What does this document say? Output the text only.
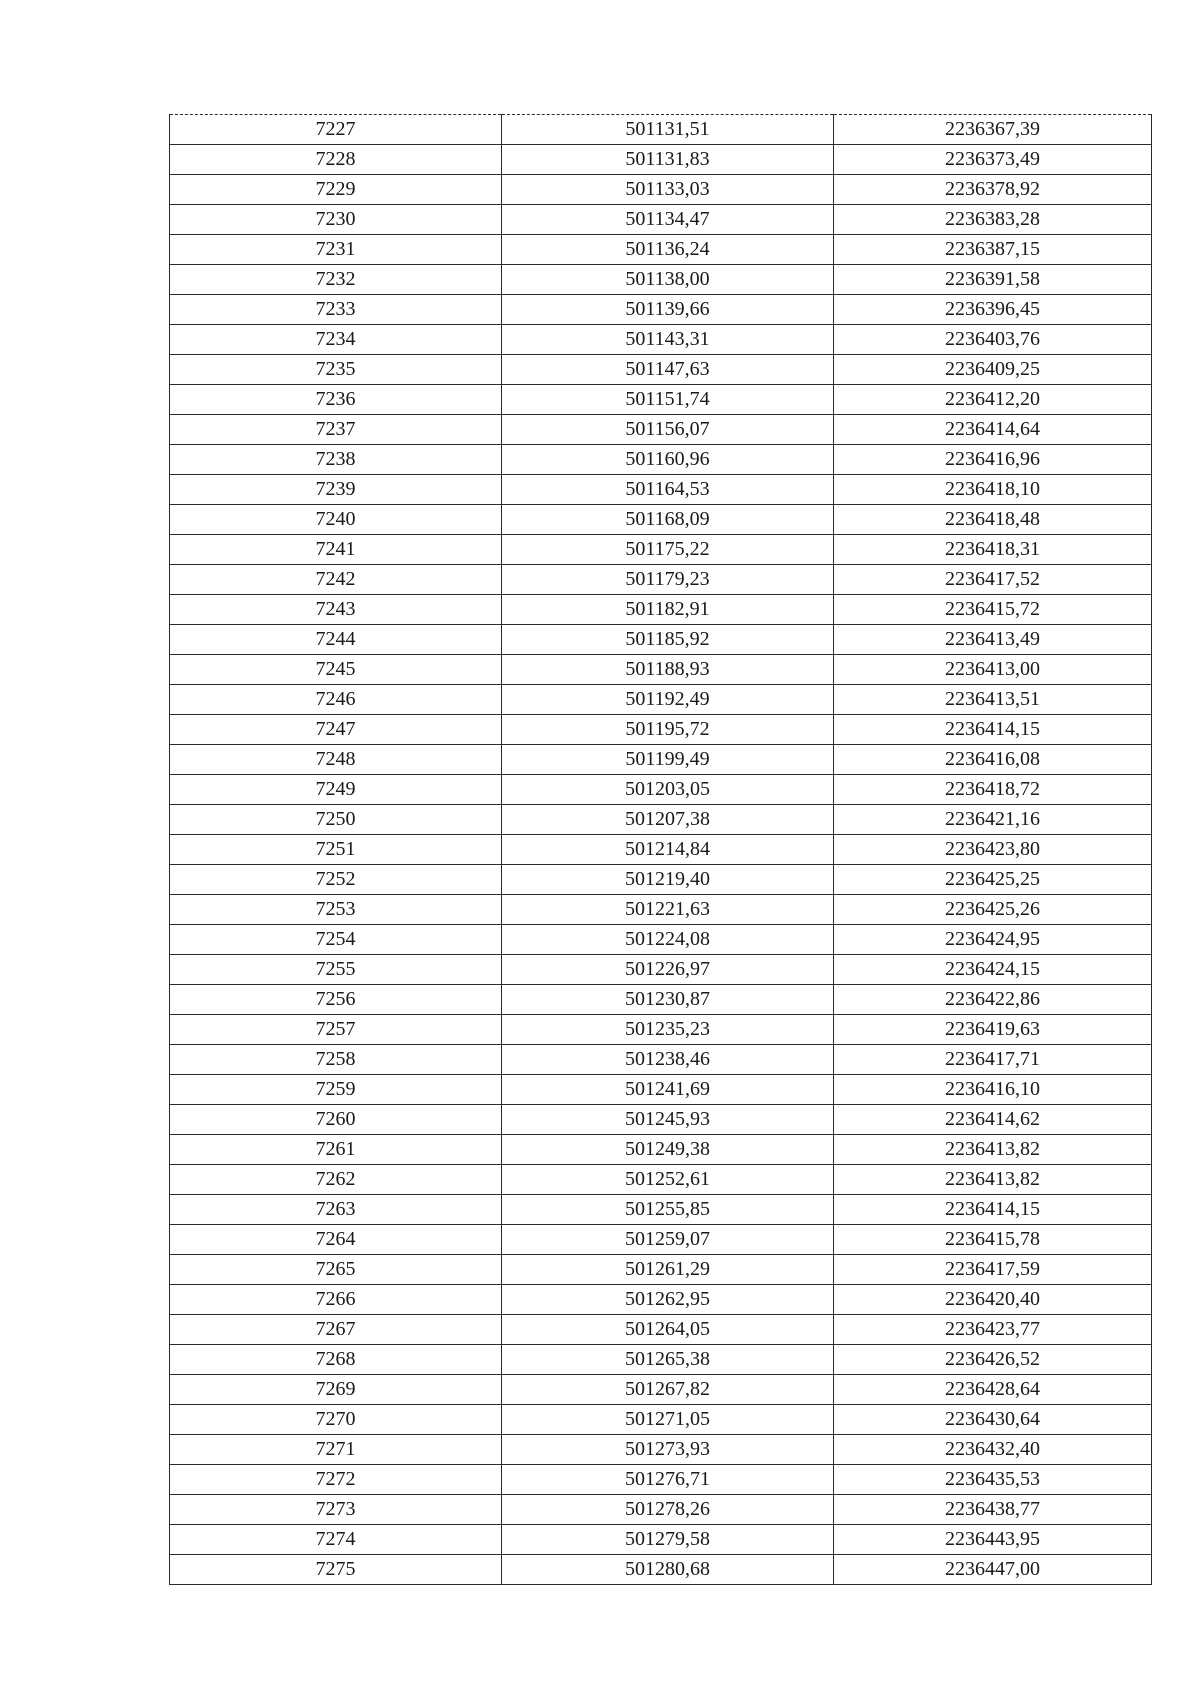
7227	501131,51	2236367,39
7228	501131,83	2236373,49
7229	501133,03	2236378,92
7230	501134,47	2236383,28
7231	501136,24	2236387,15
7232	501138,00	2236391,58
7233	501139,66	2236396,45
7234	501143,31	2236403,76
7235	501147,63	2236409,25
7236	501151,74	2236412,20
7237	501156,07	2236414,64
7238	501160,96	2236416,96
7239	501164,53	2236418,10
7240	501168,09	2236418,48
7241	501175,22	2236418,31
7242	501179,23	2236417,52
7243	501182,91	2236415,72
7244	501185,92	2236413,49
7245	501188,93	2236413,00
7246	501192,49	2236413,51
7247	501195,72	2236414,15
7248	501199,49	2236416,08
7249	501203,05	2236418,72
7250	501207,38	2236421,16
7251	501214,84	2236423,80
7252	501219,40	2236425,25
7253	501221,63	2236425,26
7254	501224,08	2236424,95
7255	501226,97	2236424,15
7256	501230,87	2236422,86
7257	501235,23	2236419,63
7258	501238,46	2236417,71
7259	501241,69	2236416,10
7260	501245,93	2236414,62
7261	501249,38	2236413,82
7262	501252,61	2236413,82
7263	501255,85	2236414,15
7264	501259,07	2236415,78
7265	501261,29	2236417,59
7266	501262,95	2236420,40
7267	501264,05	2236423,77
7268	501265,38	2236426,52
7269	501267,82	2236428,64
7270	501271,05	2236430,64
7271	501273,93	2236432,40
7272	501276,71	2236435,53
7273	501278,26	2236438,77
7274	501279,58	2236443,95
7275	501280,68	2236447,00
